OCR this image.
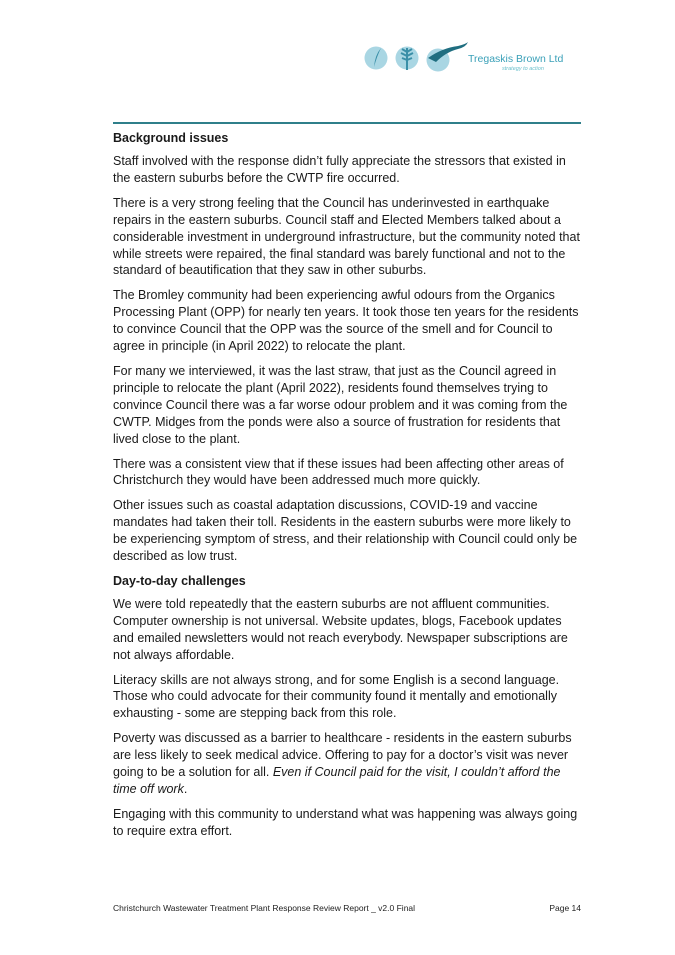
Tregaskis Brown Ltd
strategy to action
Background issues

Staff involved with the response didn’t fully appreciate the stressors that existed in the eastern suburbs before the CWTP fire occurred.

There is a very strong feeling that the Council has underinvested in earthquake repairs in the eastern suburbs. Council staff and Elected Members talked about a considerable investment in underground infrastructure, but the community noted that while streets were repaired, the final standard was barely functional and not to the standard of beautification that they saw in other suburbs.

The Bromley community had been experiencing awful odours from the Organics Processing Plant (OPP) for nearly ten years. It took those ten years for the residents to convince Council that the OPP was the source of the smell and for Council to agree in principle (in April 2022) to relocate the plant.

For many we interviewed, it was the last straw, that just as the Council agreed in principle to relocate the plant (April 2022), residents found themselves trying to convince Council there was a far worse odour problem and it was coming from the CWTP. Midges from the ponds were also a source of frustration for residents that lived close to the plant.

There was a consistent view that if these issues had been affecting other areas of Christchurch they would have been addressed much more quickly.

Other issues such as coastal adaptation discussions, COVID-19 and vaccine mandates had taken their toll. Residents in the eastern suburbs were more likely to be experiencing symptom of stress, and their relationship with Council could only be described as low trust.

Day-to-day challenges

We were told repeatedly that the eastern suburbs are not affluent communities. Computer ownership is not universal. Website updates, blogs, Facebook updates and emailed newsletters would not reach everybody. Newspaper subscriptions are not always affordable.

Literacy skills are not always strong, and for some English is a second language. Those who could advocate for their community found it mentally and emotionally exhausting - some are stepping back from this role.

Poverty was discussed as a barrier to healthcare - residents in the eastern suburbs are less likely to seek medical advice. Offering to pay for a doctor’s visit was never going to be a solution for all. Even if Council paid for the visit, I couldn’t afford the time off work.

Engaging with this community to understand what was happening was always going to require extra effort.

Christchurch Wastewater Treatment Plant Response Review Report _ v2.0 Final	Page 14
